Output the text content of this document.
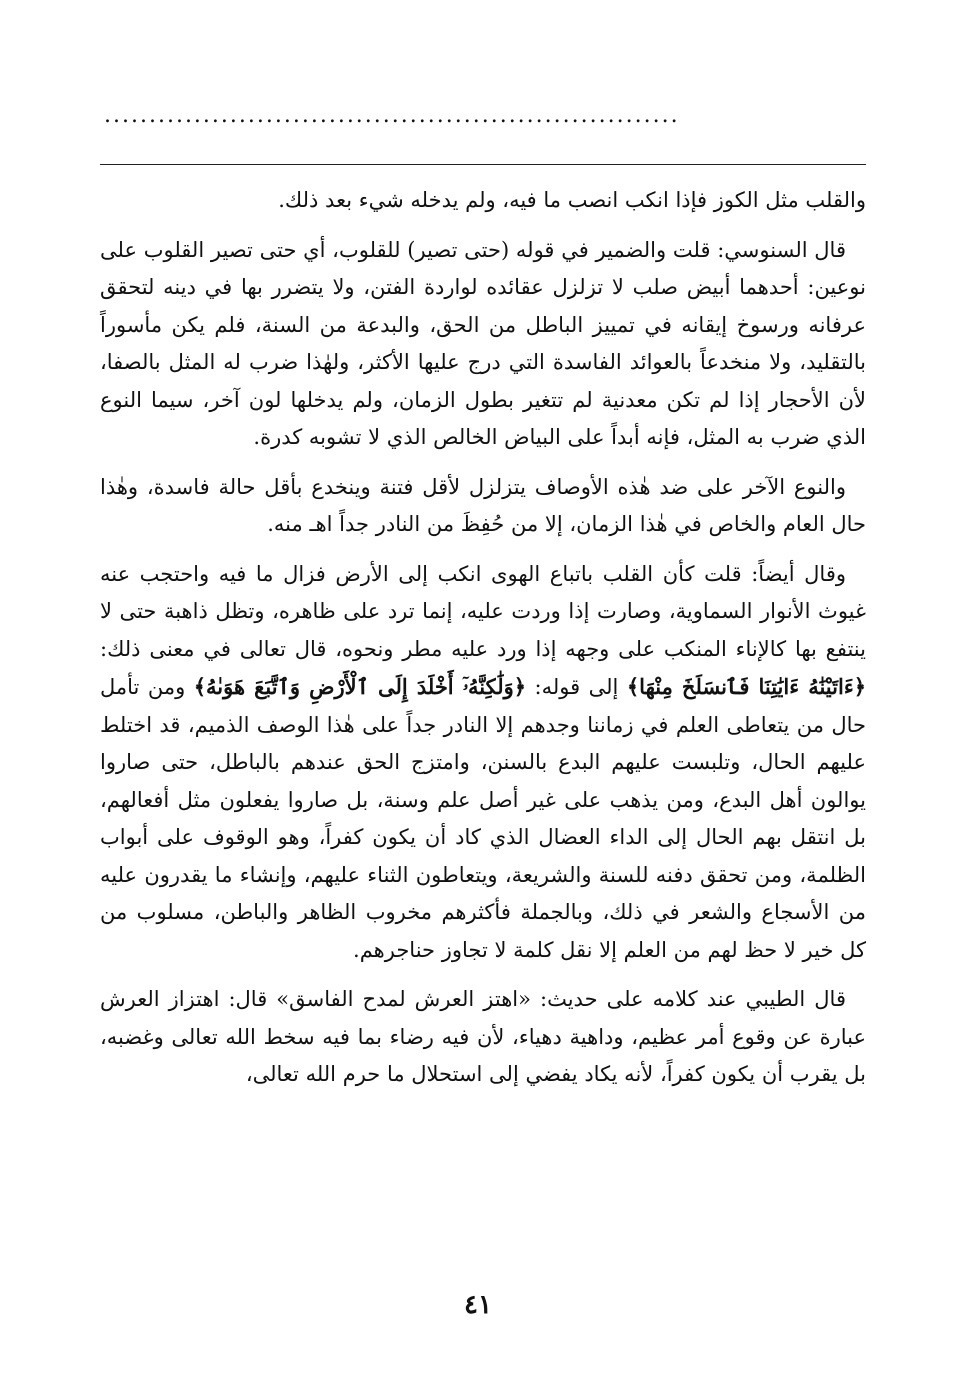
................................................................

والقلب مثل الكوز فإذا انكب انصب ما فيه، ولم يدخله شيء بعد ذلك.

قال السنوسي: قلت والضمير في قوله (حتى تصير) للقلوب، أي حتى تصير القلوب على نوعين: أحدهما أبيض صلب لا تزلزل عقائده لواردة الفتن، ولا يتضرر بها في دينه لتحقق عرفانه ورسوخ إيقانه في تمييز الباطل من الحق، والبدعة من السنة، فلم يكن مأسوراً بالتقليد، ولا منخدعاً بالعوائد الفاسدة التي درج عليها الأكثر، ولهٰذا ضرب له المثل بالصفا، لأن الأحجار إذا لم تكن معدنية لم تتغير بطول الزمان، ولم يدخلها لون آخر، سيما النوع الذي ضرب به المثل، فإنه أبداً على البياض الخالص الذي لا تشوبه كدرة.

والنوع الآخر على ضد هٰذه الأوصاف يتزلزل لأقل فتنة وينخدع بأقل حالة فاسدة، وهٰذا حال العام والخاص في هٰذا الزمان، إلا من حُفِظَ من النادر جداً اهـ منه.

وقال أيضاً: قلت كأن القلب باتباع الهوى انكب إلى الأرض فزال ما فيه واحتجب عنه غيوث الأنوار السماوية، وصارت إذا وردت عليه، إنما ترد على ظاهره، وتظل ذاهبة حتى لا ينتفع بها كالإناء المنكب على وجهه إذا ورد عليه مطر ونحوه، قال تعالى في معنى ذلك: ﴿ءَاتَيْنَٰهُ ءَايَٰتِنَا فَٱنسَلَخَ مِنْهَا﴾ إلى قوله: ﴿وَلَٰكِنَّهُۥٓ أَخْلَدَ إِلَى ٱلْأَرْضِ وَٱتَّبَعَ هَوَىٰهُ﴾ ومن تأمل حال من يتعاطى العلم في زماننا وجدهم إلا النادر جداً على هٰذا الوصف الذميم، قد اختلط عليهم الحال، وتلبست عليهم البدع بالسنن، وامتزج الحق عندهم بالباطل، حتى صاروا يوالون أهل البدع، ومن يذهب على غير أصل علم وسنة، بل صاروا يفعلون مثل أفعالهم، بل انتقل بهم الحال إلى الداء العضال الذي كاد أن يكون كفراً، وهو الوقوف على أبواب الظلمة، ومن تحقق دفنه للسنة والشريعة، ويتعاطون الثناء عليهم، وإنشاء ما يقدرون عليه من الأسجاع والشعر في ذلك، وبالجملة فأكثرهم مخروب الظاهر والباطن، مسلوب من كل خير لا حظ لهم من العلم إلا نقل كلمة لا تجاوز حناجرهم.

قال الطيبي عند كلامه على حديث: «اهتز العرش لمدح الفاسق» قال: اهتزاز العرش عبارة عن وقوع أمر عظيم، وداهية دهياء، لأن فيه رضاء بما فيه سخط الله تعالى وغضبه، بل يقرب أن يكون كفراً، لأنه يكاد يفضي إلى استحلال ما حرم الله تعالى،

٤١
